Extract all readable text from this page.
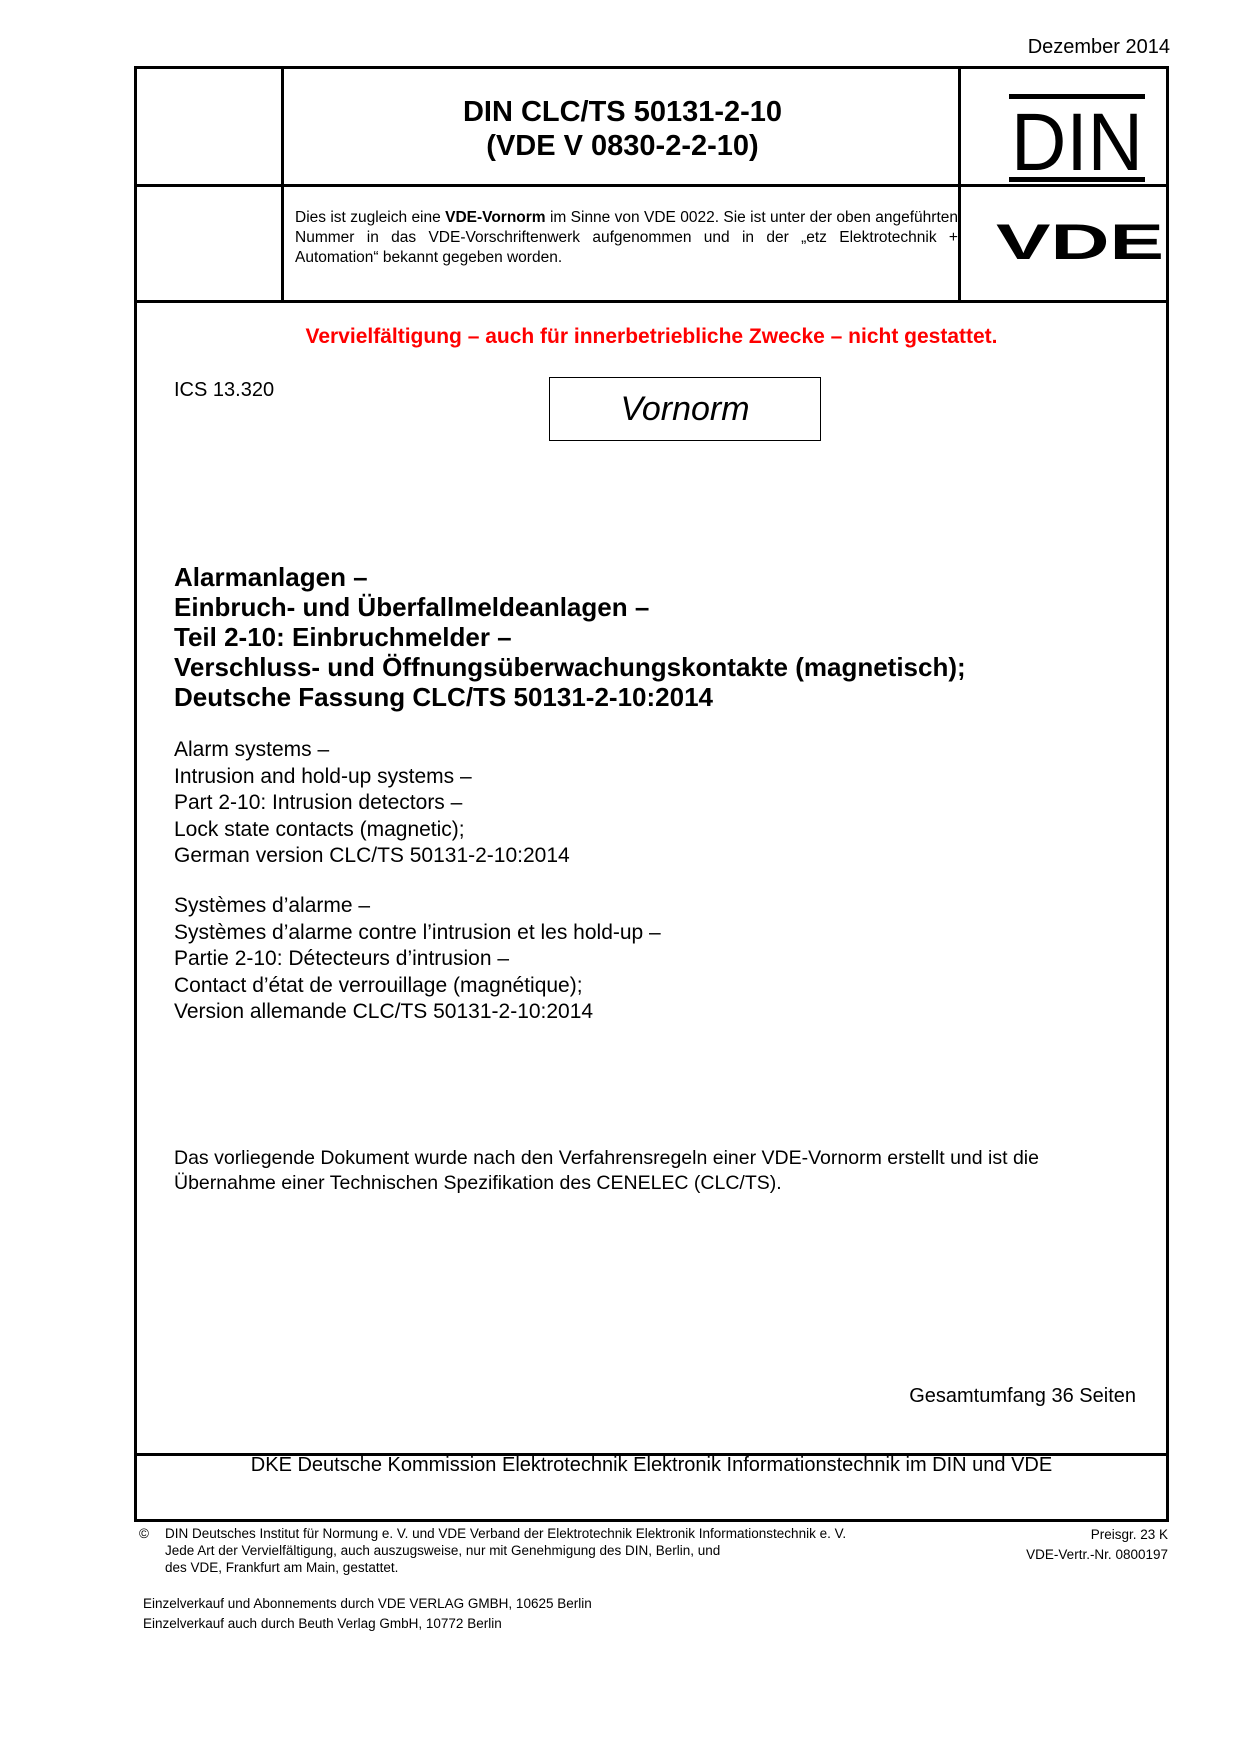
Dezember 2014
DIN CLC/TS 50131-2-10
(VDE V 0830-2-2-10)	DIN
Dies ist zugleich eine VDE-Vornorm im Sinne von VDE 0022. Sie ist unter der oben angeführten Nummer in das VDE-Vorschriftenwerk aufgenommen und in der „etz Elektrotechnik + Automation“ bekannt gegeben worden.	VDE
Vervielfältigung – auch für innerbetriebliche Zwecke – nicht gestattet.
ICS 13.320	Vornorm
Alarmanlagen –
Einbruch- und Überfallmeldeanlagen –
Teil 2-10: Einbruchmelder –
Verschluss- und Öffnungsüberwachungskontakte (magnetisch);
Deutsche Fassung CLC/TS 50131-2-10:2014
Alarm systems –
Intrusion and hold-up systems –
Part 2-10: Intrusion detectors –
Lock state contacts (magnetic);
German version CLC/TS 50131-2-10:2014
Systèmes d’alarme –
Systèmes d’alarme contre l’intrusion et les hold-up –
Partie 2-10: Détecteurs d’intrusion –
Contact d’état de verrouillage (magnétique);
Version allemande CLC/TS 50131-2-10:2014
Das vorliegende Dokument wurde nach den Verfahrensregeln einer VDE-Vornorm erstellt und ist die
Übernahme einer Technischen Spezifikation des CENELEC (CLC/TS).
Gesamtumfang 36 Seiten
DKE Deutsche Kommission Elektrotechnik Elektronik Informationstechnik im DIN und VDE
© DIN Deutsches Institut für Normung e. V. und VDE Verband der Elektrotechnik Elektronik Informationstechnik e. V.
Jede Art der Vervielfältigung, auch auszugsweise, nur mit Genehmigung des DIN, Berlin, und
des VDE, Frankfurt am Main, gestattet.
Preisgr. 23 K
VDE-Vertr.-Nr. 0800197
Einzelverkauf und Abonnements durch VDE VERLAG GMBH, 10625 Berlin
Einzelverkauf auch durch Beuth Verlag GmbH, 10772 Berlin
